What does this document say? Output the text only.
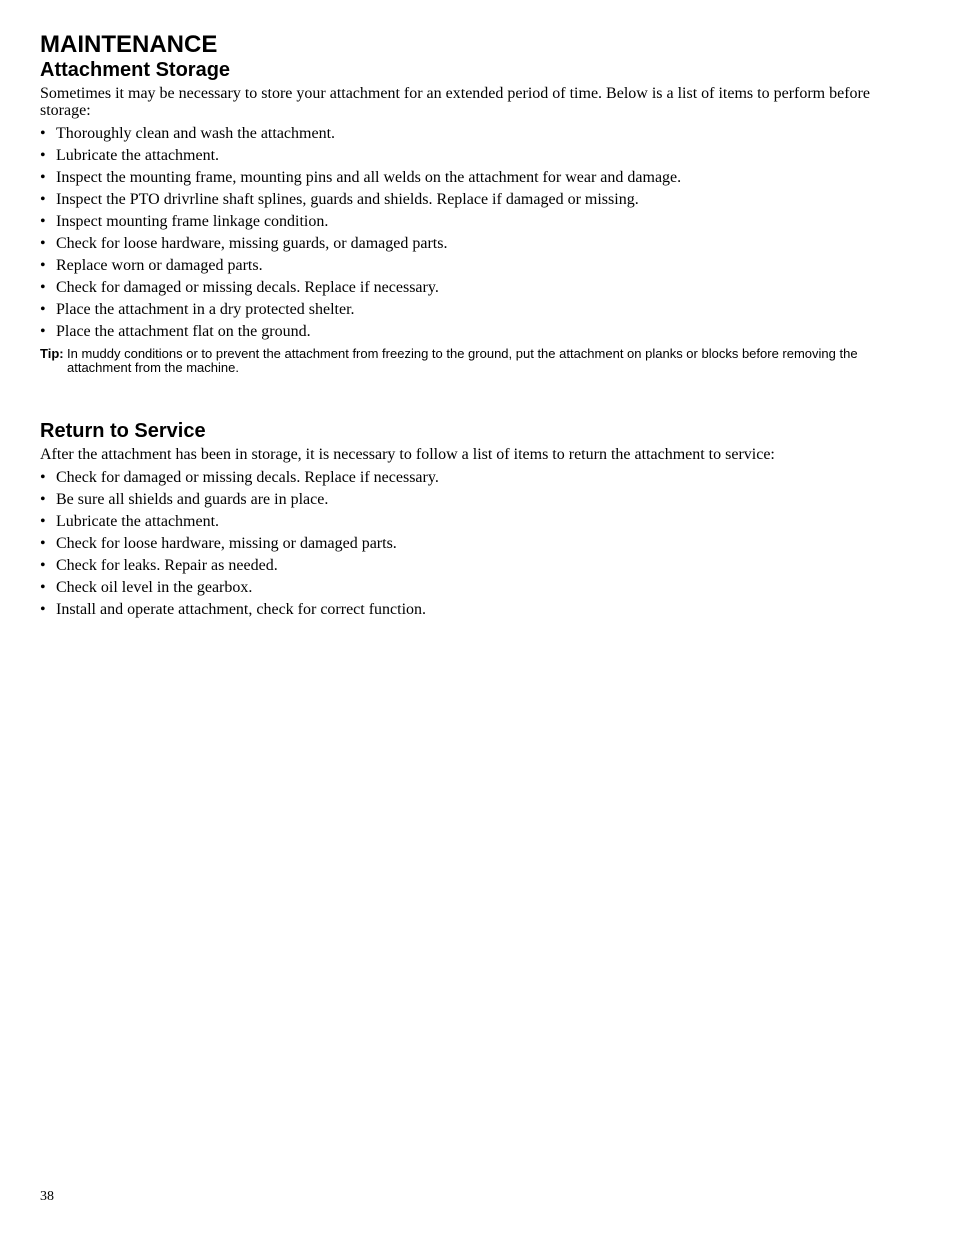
MAINTENANCE
Attachment Storage

Sometimes it may be necessary to store your attachment for an extended period of time. Below is a list of items to perform before storage:

• Thoroughly clean and wash the attachment.
• Lubricate the attachment.
• Inspect the mounting frame, mounting pins and all welds on the attachment for wear and damage.
• Inspect the PTO drivrline shaft splines, guards and shields. Replace if damaged or missing.
• Inspect mounting frame linkage condition.
• Check for loose hardware, missing guards, or damaged parts.
• Replace worn or damaged parts.
• Check for damaged or missing decals. Replace if necessary.
• Place the attachment in a dry protected shelter.
• Place the attachment flat on the ground.
Tip: In muddy conditions or to prevent the attachment from freezing to the ground, put the attachment on planks or blocks before removing the attachment from the machine.
Return to Service

After the attachment has been in storage, it is necessary to follow a list of items to return the attachment to service:

• Check for damaged or missing decals. Replace if necessary.
• Be sure all shields and guards are in place.
• Lubricate the attachment.
• Check for loose hardware, missing or damaged parts.
• Check for leaks. Repair as needed.
• Check oil level in the gearbox.
• Install and operate attachment, check for correct function.
38
